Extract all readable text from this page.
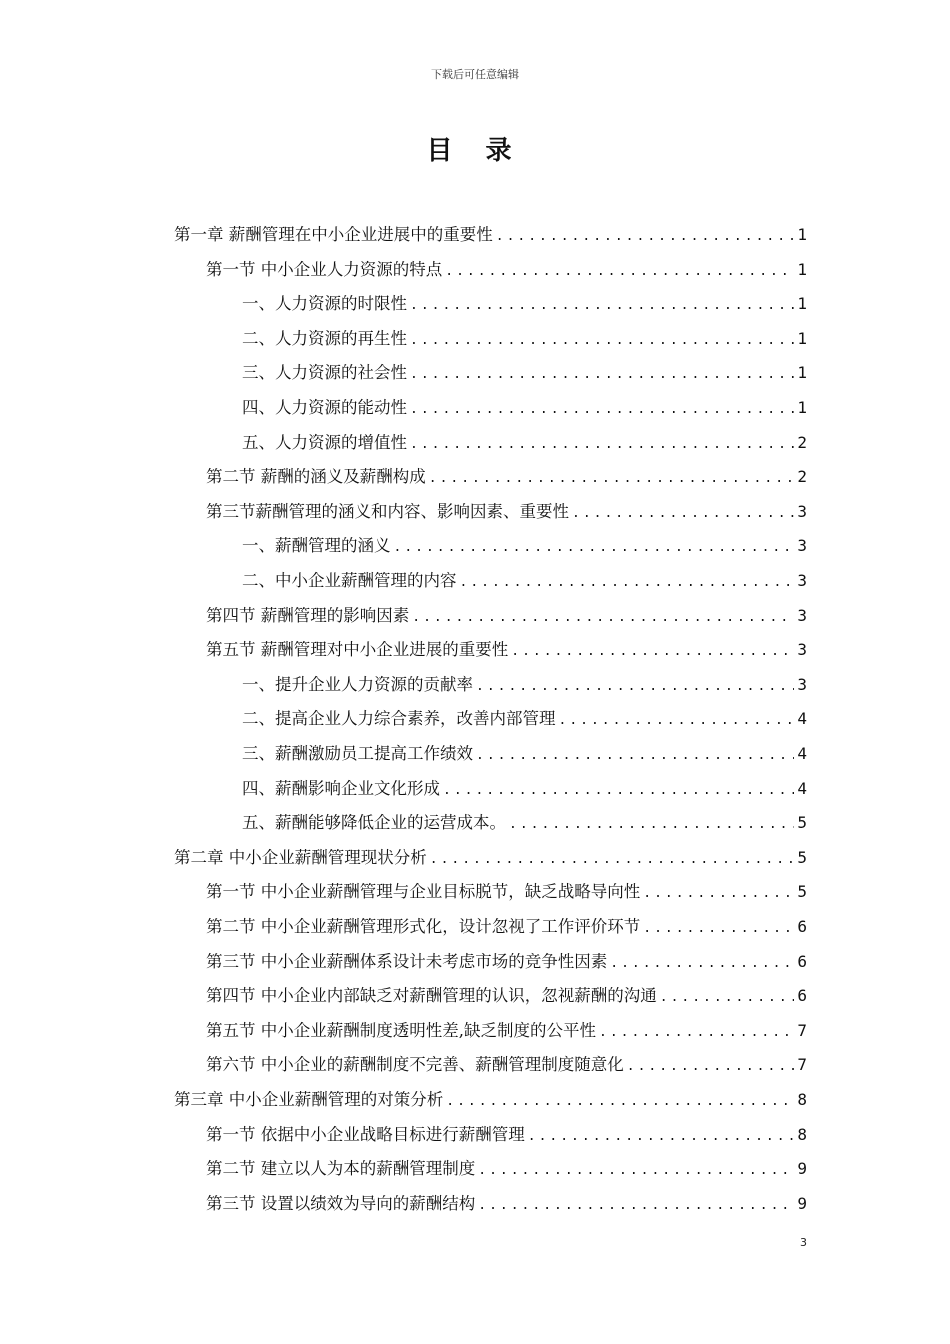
下载后可任意编辑
目 录
第一章 薪酬管理在中小企业进展中的重要性 .....	1
第一节 中小企业人力资源的特点 .....	1
一、人力资源的时限性 .....	1
二、人力资源的再生性 .....	1
三、人力资源的社会性 .....	1
四、人力资源的能动性 .....	1
五、人力资源的增值性 .....	2
第二节 薪酬的涵义及薪酬构成 .....	2
第三节薪酬管理的涵义和内容、影响因素、重要性 .....	3
一、薪酬管理的涵义 .....	3
二、中小企业薪酬管理的内容 .....	3
第四节 薪酬管理的影响因素 .....	3
第五节 薪酬管理对中小企业进展的重要性 .....	3
一、提升企业人力资源的贡献率 .....	3
二、提高企业人力综合素养，改善内部管理 .....	4
三、薪酬激励员工提高工作绩效 .....	4
四、薪酬影响企业文化形成 .....	4
五、薪酬能够降低企业的运营成本。 .....	5
第二章 中小企业薪酬管理现状分析 .....	5
第一节 中小企业薪酬管理与企业目标脱节，缺乏战略导向性 .....	5
第二节 中小企业薪酬管理形式化，设计忽视了工作评价环节 .....	6
第三节 中小企业薪酬体系设计未考虑市场的竞争性因素 .....	6
第四节 中小企业内部缺乏对薪酬管理的认识，忽视薪酬的沟通 .....	6
第五节 中小企业薪酬制度透明性差,缺乏制度的公平性 .....	7
第六节 中小企业的薪酬制度不完善、薪酬管理制度随意化 .....	7
第三章 中小企业薪酬管理的对策分析 .....	8
第一节 依据中小企业战略目标进行薪酬管理 .....	8
第二节 建立以人为本的薪酬管理制度 .....	9
第三节 设置以绩效为导向的薪酬结构 .....	9
3
